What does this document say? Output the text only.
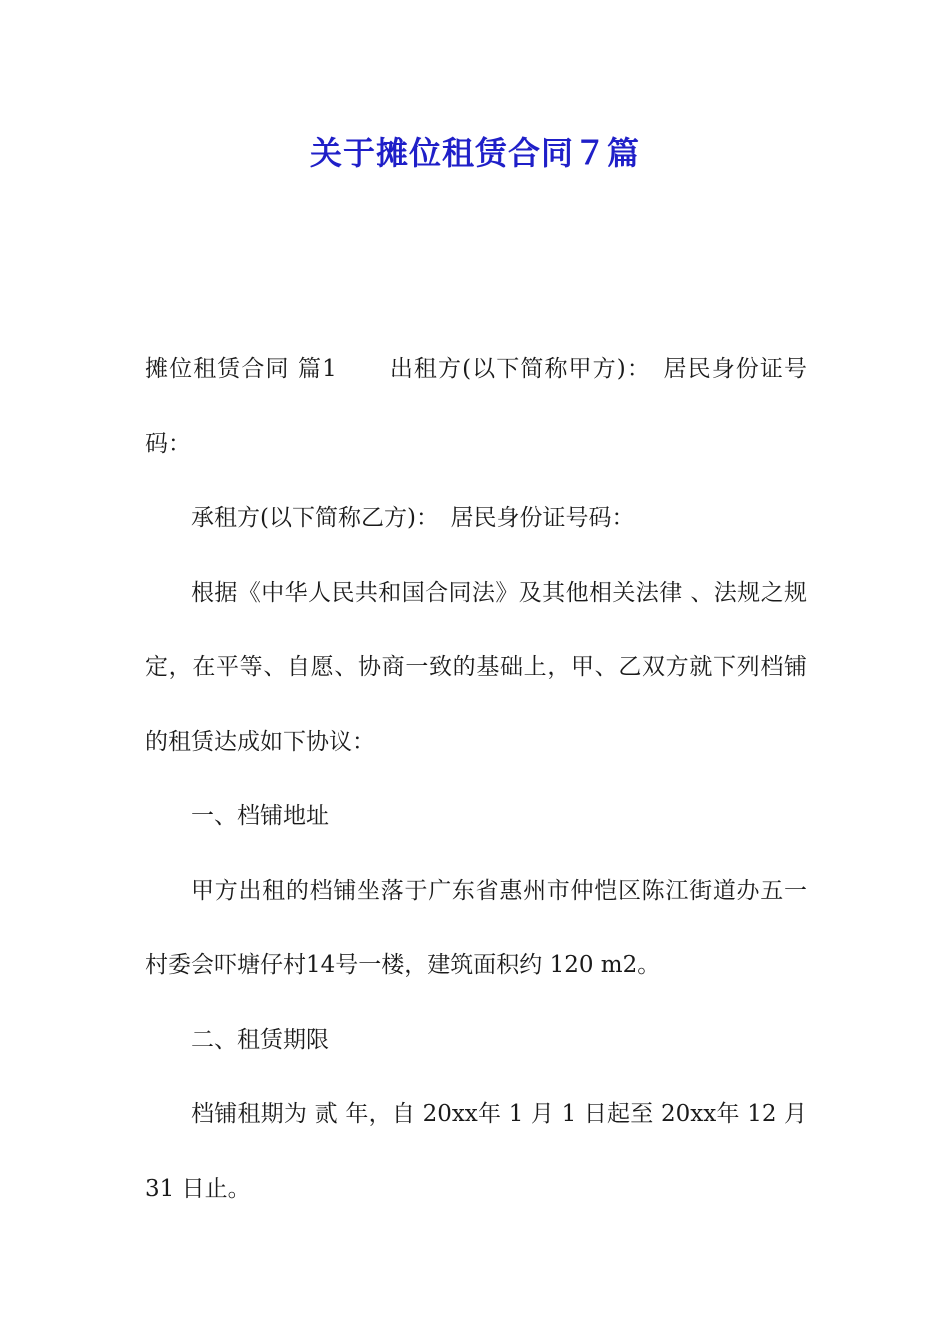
关于摊位租赁合同７篇

摊位租赁合同 篇1 出租方(以下简称甲方)：　居民身份证号码：

承租方(以下简称乙方)：　居民身份证号码：

根据《中华人民共和国合同法》及其他相关法律 、法规之规定，在平等、自愿、协商一致的基础上，甲、乙双方就下列档铺的租赁达成如下协议：

一、档铺地址

甲方出租的档铺坐落于广东省惠州市仲恺区陈江街道办五一村委会吓塘仔村14号一楼，建筑面积约 120 m2。

二、租赁期限

档铺租期为 贰 年，自 20xx年 1 月 1 日起至 20xx年 12 月 31 日止。
